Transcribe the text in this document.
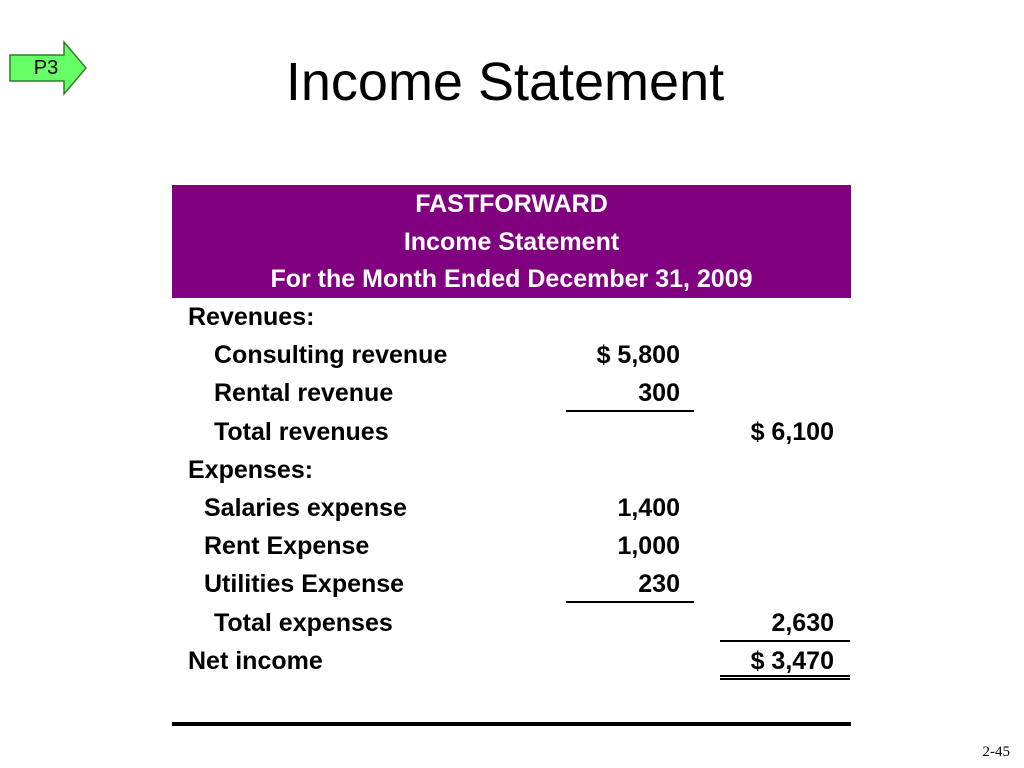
P3	Income Statement
FASTFORWARD
Income Statement
For the Month Ended December 31, 2009
Revenues:
Consulting revenue	$ 5,800
Rental revenue	300
Total revenues	$ 6,100
Expenses:
Salaries expense	1,400
Rent Expense	1,000
Utilities Expense	230
Total expenses	2,630
Net income	$ 3,470
2-45
